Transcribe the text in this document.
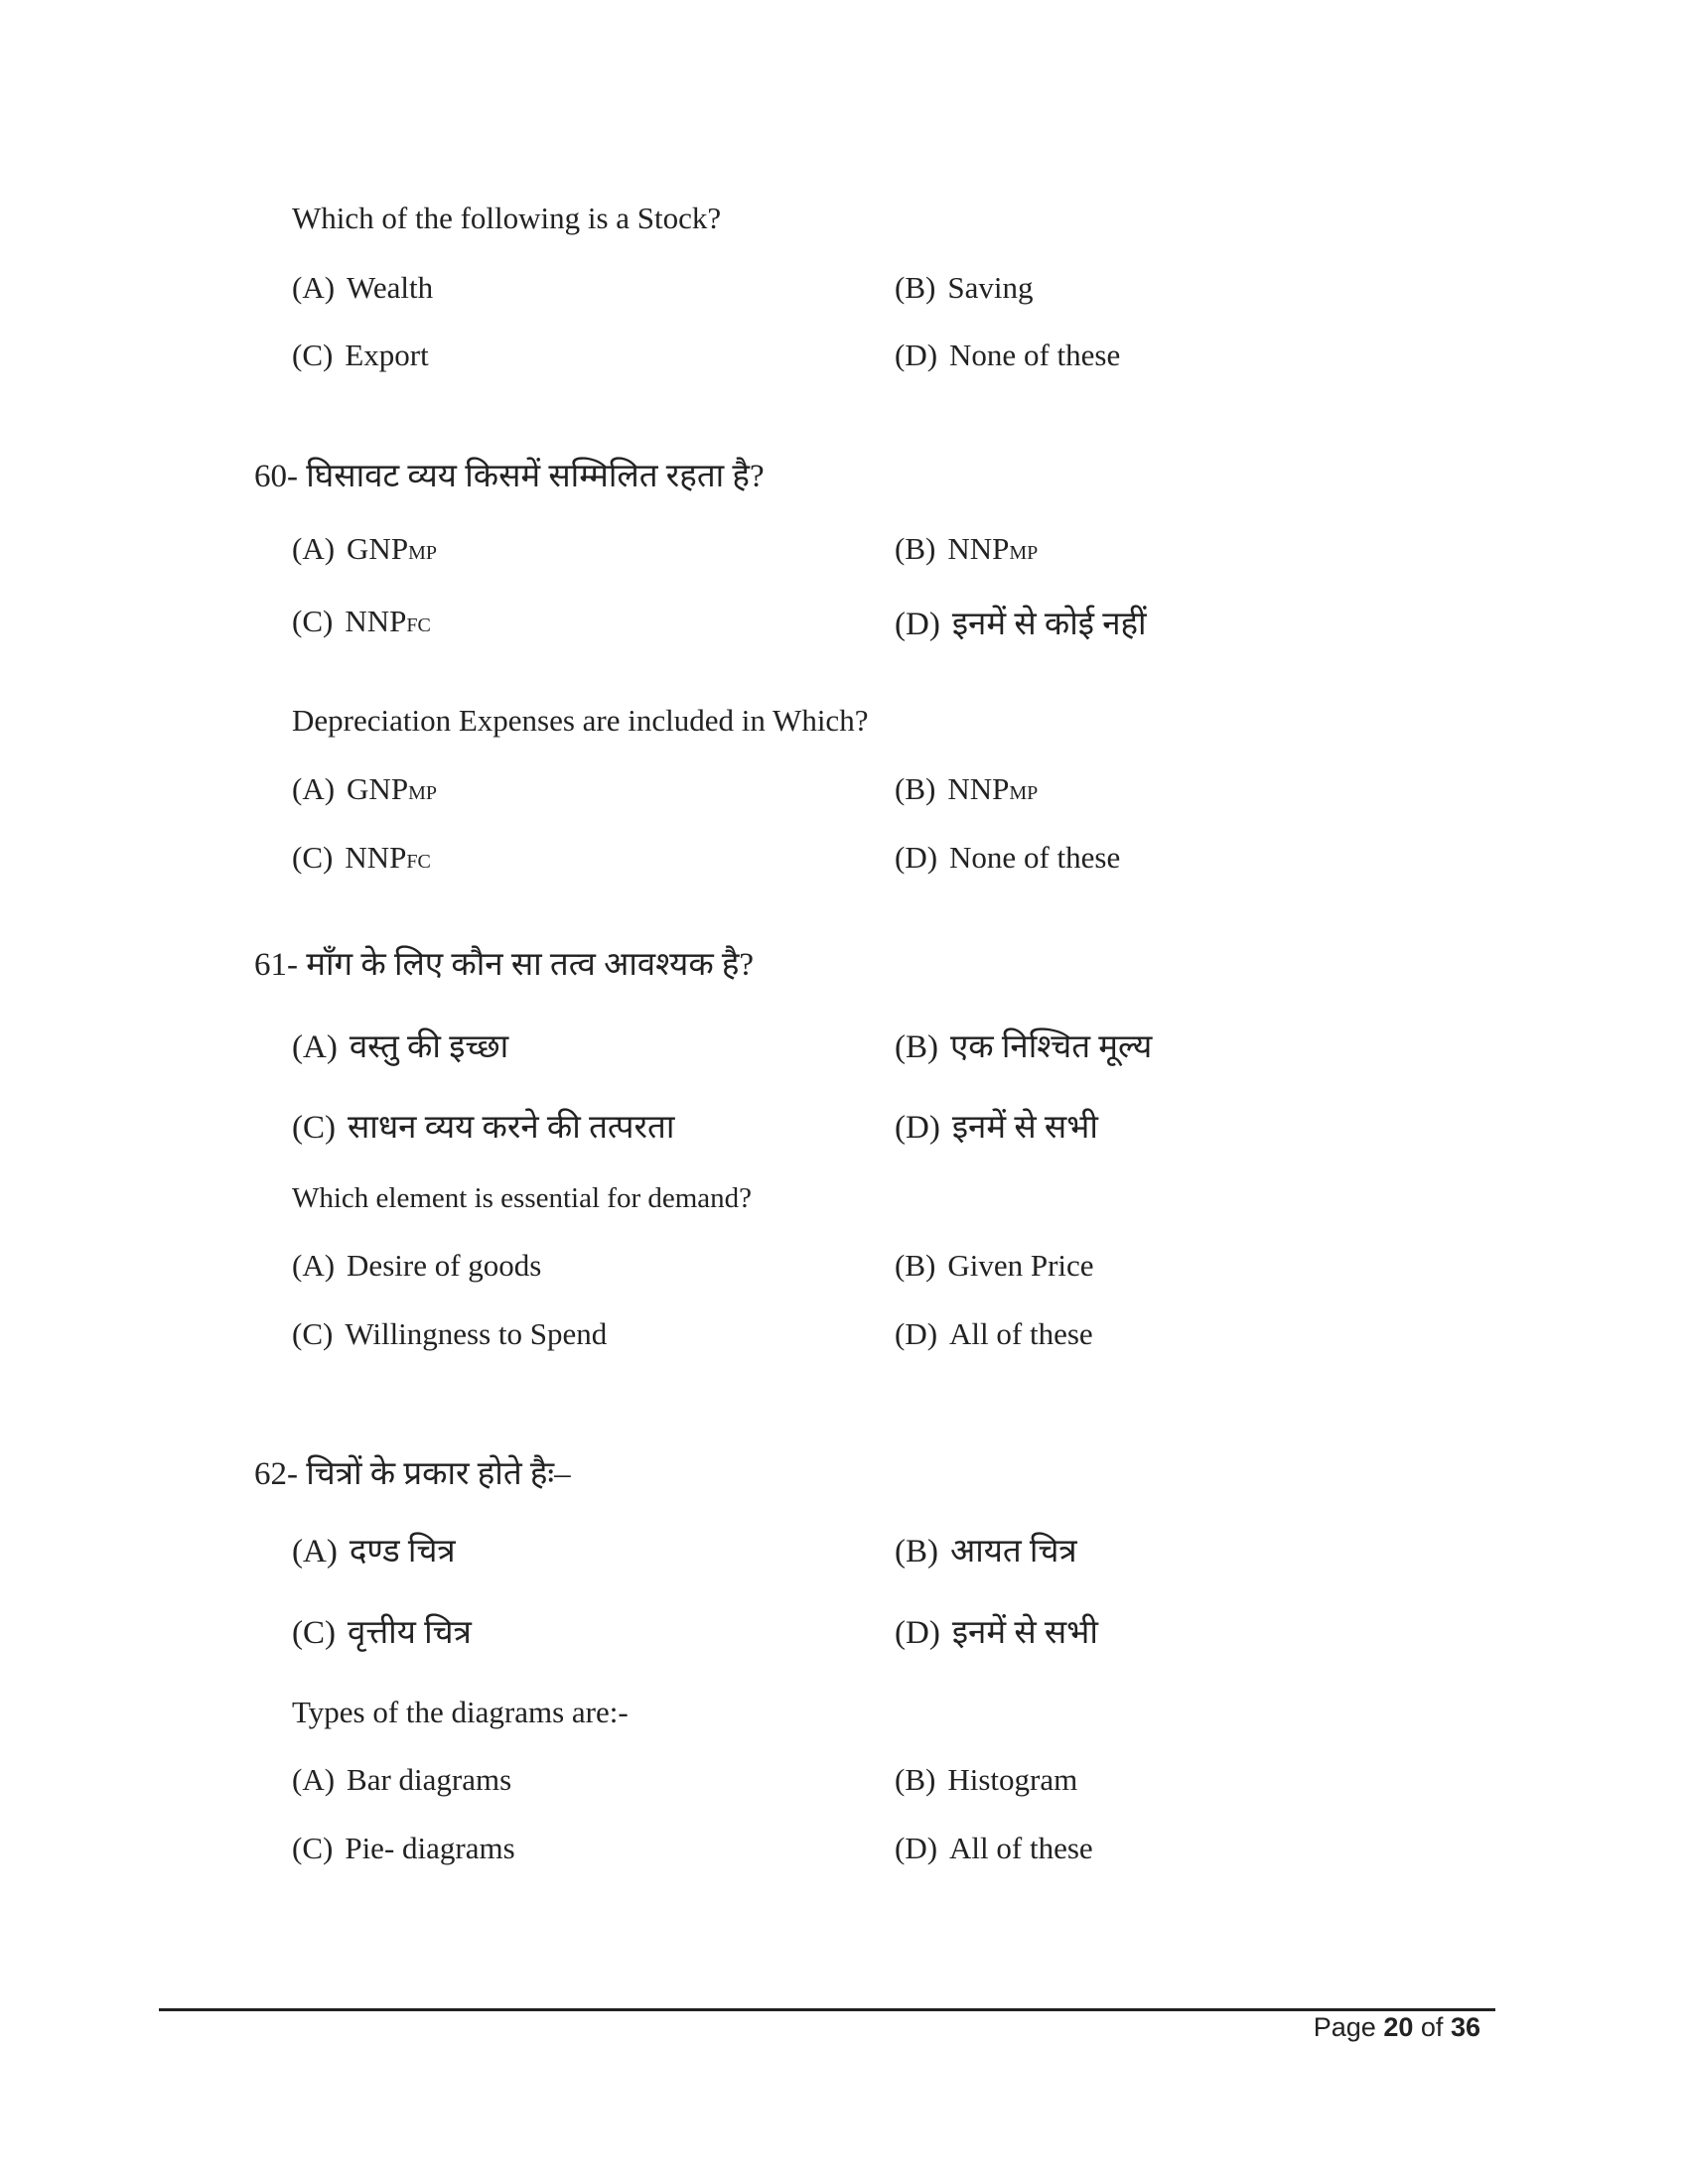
Which of the following is a Stock?
(A) Wealth	(B) Saving
(C) Export	(D) None of these
60- घिसावट व्यय किसमें सम्मिलित रहता है?
(A) GNPMP	(B) NNPMP
(C) NNPFC	(D) इनमें से कोई नहीं
Depreciation Expenses are included in Which?
(A) GNPMP	(B) NNPMP
(C) NNPFC	(D) None of these
61- माँग के लिए कौन सा तत्व आवश्यक है?
(A) वस्तु की इच्छा	(B) एक निश्चित मूल्य
(C) साधन व्यय करने की तत्परता	(D) इनमें से सभी
Which element is essential for demand?
(A) Desire of goods	(B) Given Price
(C) Willingness to Spend	(D) All of these
62- चित्रों के प्रकार होते हैः–
(A) दण्ड चित्र	(B) आयत चित्र
(C) वृत्तीय चित्र	(D) इनमें से सभी
Types of the diagrams are:-
(A) Bar diagrams	(B) Histogram
(C) Pie- diagrams	(D) All of these
Page 20 of 36
